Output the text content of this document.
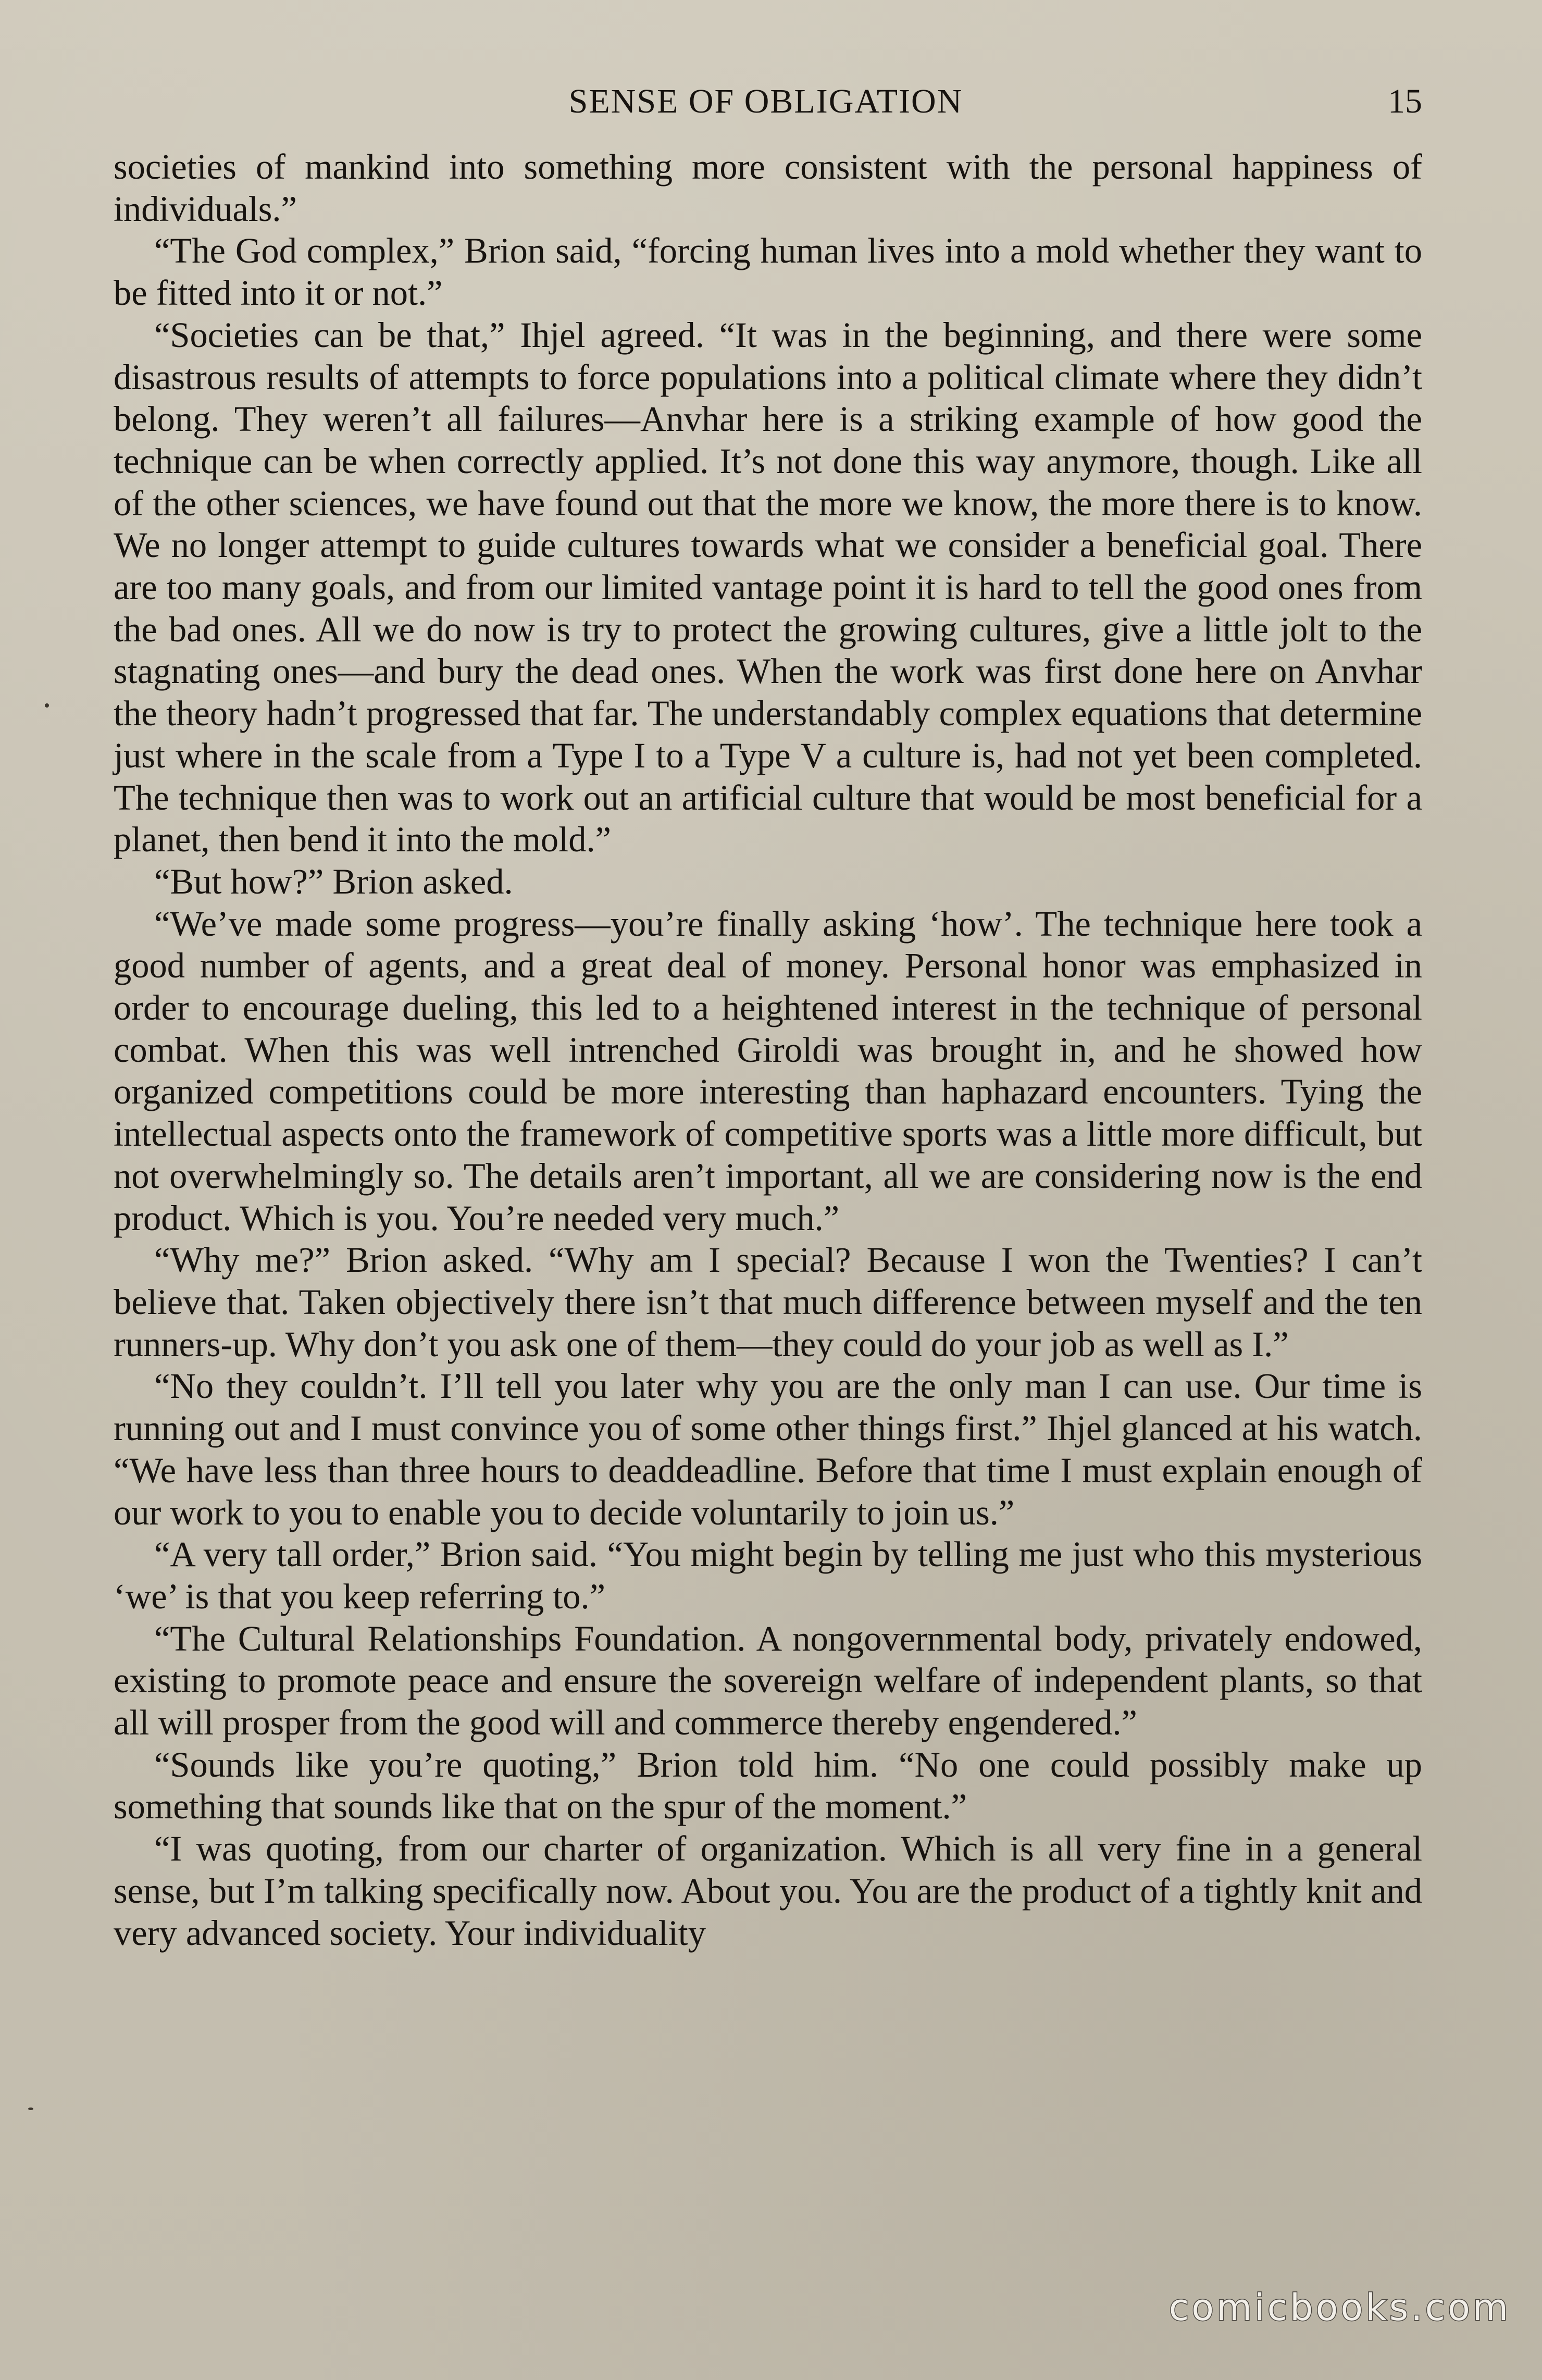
SENSE OF OBLIGATION	15

societies of mankind into something more consistent with the personal happiness of individuals.”

“The God complex,” Brion said, “forcing human lives into a mold whether they want to be fitted into it or not.”

“Societies can be that,” Ihjel agreed. “It was in the beginning, and there were some disastrous results of attempts to force populations into a political climate where they didn’t belong. They weren’t all failures—Anvhar here is a striking example of how good the technique can be when correctly applied. It’s not done this way anymore, though. Like all of the other sciences, we have found out that the more we know, the more there is to know. We no longer attempt to guide cultures towards what we consider a beneficial goal. There are too many goals, and from our limited vantage point it is hard to tell the good ones from the bad ones. All we do now is try to protect the growing cultures, give a little jolt to the stagnating ones—and bury the dead ones. When the work was first done here on Anvhar the theory hadn’t progressed that far. The understandably complex equations that determine just where in the scale from a Type I to a Type V a culture is, had not yet been completed. The technique then was to work out an artificial culture that would be most beneficial for a planet, then bend it into the mold.”

“But how?” Brion asked.

“We’ve made some progress—you’re finally asking ‘how’. The technique here took a good number of agents, and a great deal of money. Personal honor was emphasized in order to encourage dueling, this led to a heightened interest in the technique of personal combat. When this was well intrenched Giroldi was brought in, and he showed how organized competitions could be more interesting than haphazard encounters. Tying the intellectual aspects onto the framework of competitive sports was a little more difficult, but not overwhelmingly so. The details aren’t important, all we are considering now is the end product. Which is you. You’re needed very much.”

“Why me?” Brion asked. “Why am I special? Because I won the Twenties? I can’t believe that. Taken objectively there isn’t that much difference between myself and the ten runners-up. Why don’t you ask one of them—they could do your job as well as I.”

“No they couldn’t. I’ll tell you later why you are the only man I can use. Our time is running out and I must convince you of some other things first.” Ihjel glanced at his watch. “We have less than three hours to deaddeadline. Before that time I must explain enough of our work to you to enable you to decide voluntarily to join us.”

“A very tall order,” Brion said. “You might begin by telling me just who this mysterious ‘we’ is that you keep referring to.”

“The Cultural Relationships Foundation. A nongovernmental body, privately endowed, existing to promote peace and ensure the sovereign welfare of independent plants, so that all will prosper from the good will and commerce thereby engendered.”

“Sounds like you’re quoting,” Brion told him. “No one could possibly make up something that sounds like that on the spur of the moment.”

“I was quoting, from our charter of organization. Which is all very fine in a general sense, but I’m talking specifically now. About you. You are the product of a tightly knit and very advanced society. Your individuality

comicbooks.com
